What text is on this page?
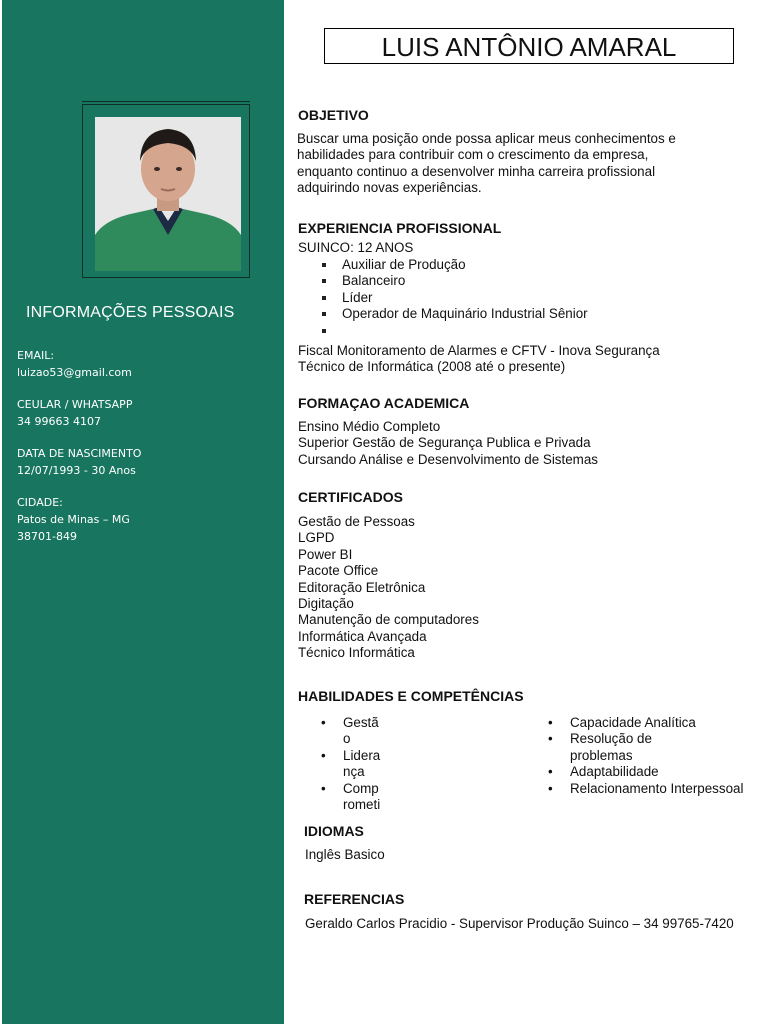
INFORMAÇÕES PESSOAIS
EMAIL:
luizao53@gmail.com
CEULAR / WHATSAPP
34 99663 4107
DATA DE NASCIMENTO
12/07/1993 - 30 Anos
CIDADE:
Patos de Minas – MG
38701-849
LUIS ANTÔNIO AMARAL
OBJETIVO
Buscar uma posição onde possa aplicar meus conhecimentos e
habilidades para contribuir com o crescimento da empresa,
enquanto continuo a desenvolver minha carreira profissional
adquirindo novas experiências.
EXPERIENCIA PROFISSIONAL
SUINCO: 12 ANOS
Auxiliar de Produção
Balanceiro
Líder
Operador de Maquinário Industrial Sênior
Fiscal Monitoramento de Alarmes e CFTV - Inova Segurança
Técnico de Informática (2008 até o presente)
FORMAÇAO ACADEMICA
Ensino Médio Completo
Superior Gestão de Segurança Publica e Privada
Cursando Análise e Desenvolvimento de Sistemas
CERTIFICADOS
Gestão de Pessoas
LGPD
Power BI
Pacote Office
Editoração Eletrônica
Digitação
Manutenção de computadores
Informática Avançada
Técnico Informática
HABILIDADES E COMPETÊNCIAS
• Gestã
o
• Lidera
nça
• Comp
rometi
• Capacidade Analítica
• Resolução de
problemas
• Adaptabilidade
• Relacionamento Interpessoal
IDIOMAS
Inglês Basico
REFERENCIAS
Geraldo Carlos Pracidio - Supervisor Produção Suinco – 34 99765-7420
